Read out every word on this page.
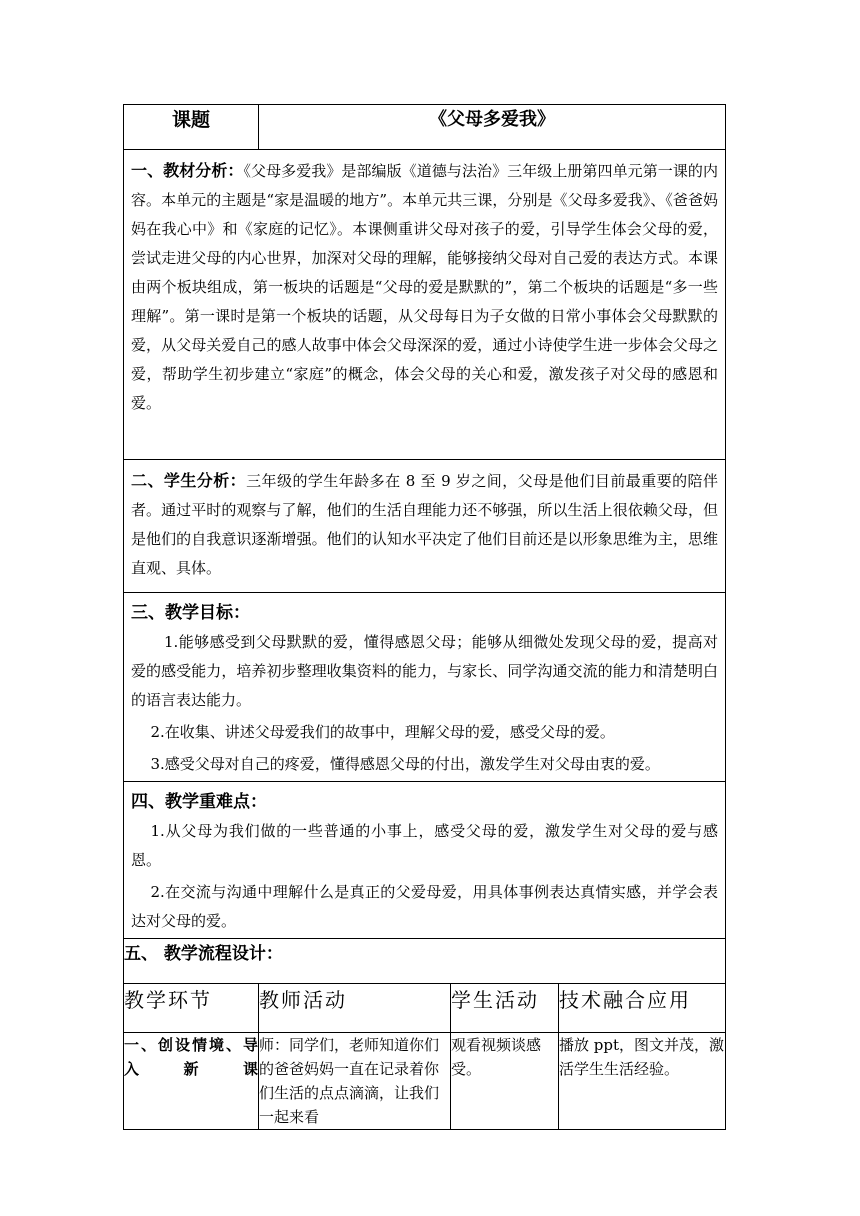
课题	《父母多爱我》		

一、教材分析：《父母多爱我》是部编版《道德与法治》三年级上册第四单元第一课的内容。本单元的主题是“家是温暖的地方”。本单元共三课，分别是《父母多爱我》、《爸爸妈妈在我心中》和《家庭的记忆》。本课侧重讲父母对孩子的爱，引导学生体会父母的爱，尝试走进父母的内心世界，加深对父母的理解，能够接纳父母对自己爱的表达方式。本课由两个板块组成，第一板块的话题是“父母的爱是默默的”，第二个板块的话题是“多一些理解”。第一课时是第一个板块的话题，从父母每日为子女做的日常小事体会父母默默的爱，从父母关爱自己的感人故事中体会父母深深的爱，通过小诗使学生进一步体会父母之爱，帮助学生初步建立“家庭”的概念，体会父母的关心和爱，激发孩子对父母的感恩和爱。			

二、学生分析：三年级的学生年龄多在 8 至 9 岁之间，父母是他们目前最重要的陪伴者。通过平时的观察与了解，他们的生活自理能力还不够强，所以生活上很依赖父母，但是他们的自我意识逐渐增强。他们的认知水平决定了他们目前还是以形象思维为主，思维直观、具体。			

三、教学目标：

1.能够感受到父母默默的爱，懂得感恩父母；能够从细微处发现父母的爱，提高对爱的感受能力，培养初步整理收集资料的能力，与家长、同学沟通交流的能力和清楚明白的语言表达能力。

2.在收集、讲述父母爱我们的故事中，理解父母的爱，感受父母的爱。

3.感受父母对自己的疼爱，懂得感恩父母的付出，激发学生对父母由衷的爱。			

四、教学重难点：

1.从父母为我们做的一些普通的小事上，感受父母的爱，激发学生对父母的爱与感恩。

2.在交流与沟通中理解什么是真正的父爱母爱，用具体事例表达真情实感，并学会表达对父母的爱。			

五、 教学流程设计：			
教学环节	教师活动	学生活动	技术融合应用
一、创设情境、导入新课	师：同学们，老师知道你们的爸爸妈妈一直在记录着你们生活的点点滴滴，让我们一起来看	观看视频谈感受。	播放 ppt，图文并茂，激活学生生活经验。
